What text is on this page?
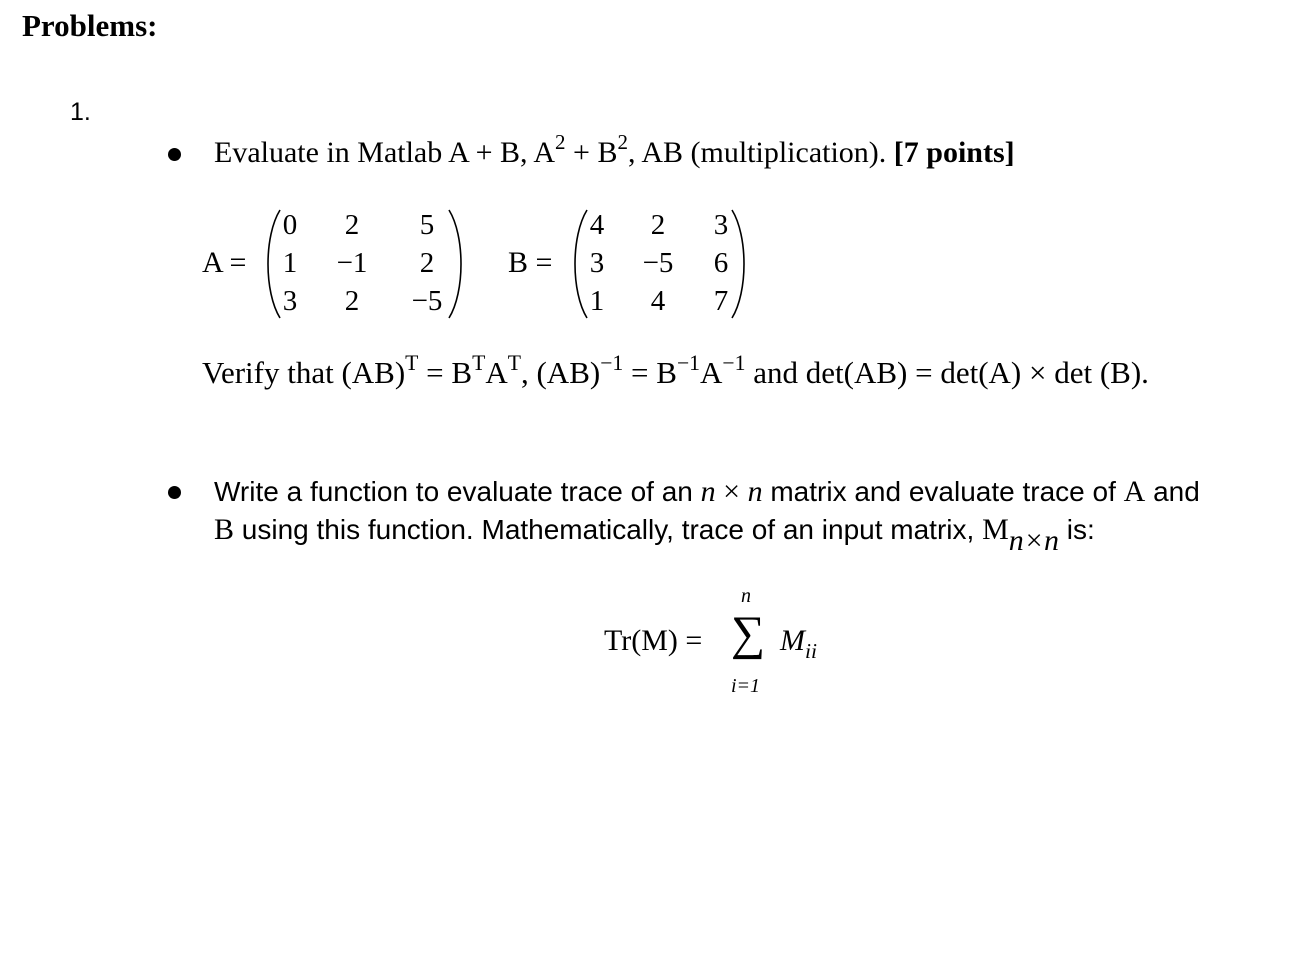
Problems:
1.
Evaluate in Matlab A + B, $A^2 + B^2$, AB (multiplication). [7 points]
A =
0	2	5
1	−1	2
3	2	−5
B =
4	2	3
3	−5	6
1	4	7
Verify that $(AB)^T = B^TA^T$, $(AB)^{-1} = B^{-1}A^{-1}$ and det(AB) = det(A) × det (B).
Write a function to evaluate trace of an n × n matrix and evaluate trace of A and
B using this function. Mathematically, trace of an input matrix, $M_{n\times n}$ is:
Tr(M) =
n
∑
i=1
$M_{ii}$
